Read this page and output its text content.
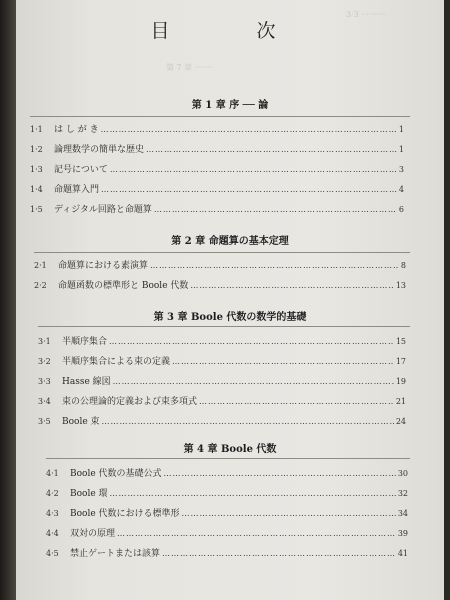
3·3 ··········
第 7 章 ·······
目　次
第 1 章 序 ── 論
1·1	は し が き ……………………………………………………………………………………………………………………………………………………………………	1
1·2	論理数学の簡単な歴史 ……………………………………………………………………………………………………………………………………………………………………	1
1·3	記号について ……………………………………………………………………………………………………………………………………………………………………	3
1·4	命題算入門 ……………………………………………………………………………………………………………………………………………………………………	4
1·5	ディジタル回路と命題算 ……………………………………………………………………………………………………………………………………………………………………	6
第 2 章 命題算の基本定理
2·1	命題算における素演算 ……………………………………………………………………………………………………………………………………………………………………	8
2·2	命題函数の標準形と Boole 代数 ……………………………………………………………………………………………………………………………………………………………………	13
第 3 章 Boole 代数の数学的基礎
3·1	半順序集合 ……………………………………………………………………………………………………………………………………………………………………	15
3·2	半順序集合による束の定義 ……………………………………………………………………………………………………………………………………………………………………	17
3·3	Hasse 線図 ……………………………………………………………………………………………………………………………………………………………………	19
3·4	束の公理論的定義および束多項式 ……………………………………………………………………………………………………………………………………………………………………	21
3·5	Boole 束 ……………………………………………………………………………………………………………………………………………………………………	24
第 4 章 Boole 代数
4·1	Boole 代数の基礎公式 ……………………………………………………………………………………………………………………………………………………………………	30
4·2	Boole 環 ……………………………………………………………………………………………………………………………………………………………………	32
4·3	Boole 代数における標準形 ……………………………………………………………………………………………………………………………………………………………………	34
4·4	双対の原理 ……………………………………………………………………………………………………………………………………………………………………	39
4·5	禁止ゲートまたは該算 ……………………………………………………………………………………………………………………………………………………………………	41
